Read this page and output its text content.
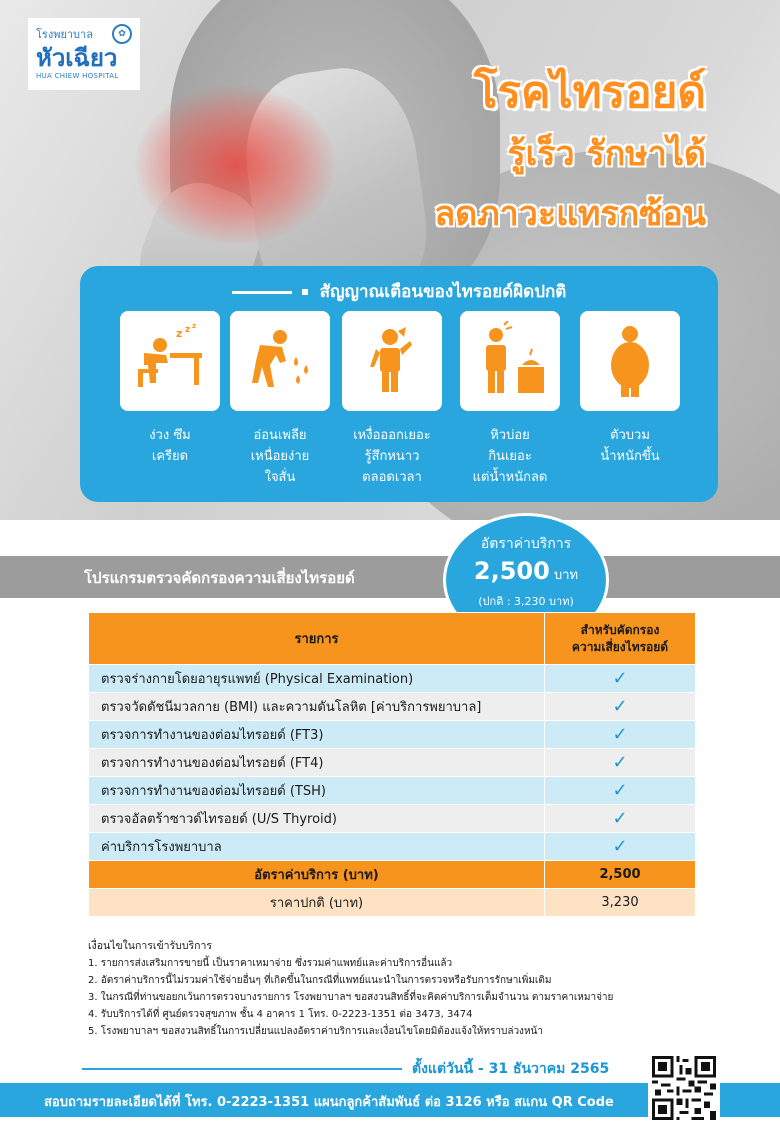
โรงพยาบาล	✿
หัวเฉียว
HUA CHIEW HOSPITAL	โรคไทรอยด์
รู้เร็ว รักษาได้
ลดภาวะแทรกซ้อน
สัญญาณเตือนของไทรอยด์ผิดปกติ
z z z
ง่วง ซึม
เครียด
อ่อนเพลีย
เหนื่อยง่าย
ใจสั่น
เหงื่อออกเยอะ
รู้สึกหนาว
ตลอดเวลา
หิวบ่อย
กินเยอะ
แต่น้ำหนักลด
ตัวบวม
น้ำหนักขึ้น
โปรแกรมตรวจคัดกรองความเสี่ยงไทรอยด์
อัตราค่าบริการ
2,500 บาท
(ปกติ : 3,230 บาท)
รายการ	สำหรับคัดกรอง
ความเสี่ยงไทรอยด์

ตรวจร่างกายโดยอายุรแพทย์ (Physical Examination)	✓
ตรวจวัดดัชนีมวลกาย (BMI) และความดันโลหิต [ค่าบริการพยาบาล]	✓
ตรวจการทำงานของต่อมไทรอยด์ (FT3)	✓
ตรวจการทำงานของต่อมไทรอยด์ (FT4)	✓
ตรวจการทำงานของต่อมไทรอยด์ (TSH)	✓
ตรวจอัลตร้าซาวด์ไทรอยด์ (U/S Thyroid)	✓
ค่าบริการโรงพยาบาล	✓
อัตราค่าบริการ (บาท)	2,500
ราคาปกติ (บาท)	3,230
เงื่อนไขในการเข้ารับบริการ
1. รายการส่งเสริมการขายนี้ เป็นราคาเหมาจ่าย ซึ่งรวมค่าแพทย์และค่าบริการอื่นแล้ว
2. อัตราค่าบริการนี้ไม่รวมค่าใช้จ่ายอื่นๆ ที่เกิดขึ้นในกรณีที่แพทย์แนะนำในการตรวจหรือรับการรักษาเพิ่มเติม
3. ในกรณีที่ท่านขอยกเว้นการตรวจบางรายการ โรงพยาบาลฯ ขอสงวนสิทธิ์ที่จะคิดค่าบริการเต็มจำนวน ตามราคาเหมาจ่าย
4. รับบริการได้ที่ ศูนย์ตรวจสุขภาพ ชั้น 4 อาคาร 1 โทร. 0-2223-1351 ต่อ 3473, 3474
5. โรงพยาบาลฯ ขอสงวนสิทธิ์ในการเปลี่ยนแปลงอัตราค่าบริการและเงื่อนไขโดยมิต้องแจ้งให้ทราบล่วงหน้า
ตั้งแต่วันนี้ - 31 ธันวาคม 2565
สอบถามรายละเอียดได้ที่ โทร. 0-2223-1351 แผนกลูกค้าสัมพันธ์ ต่อ 3126 หรือ สแกน QR Code
